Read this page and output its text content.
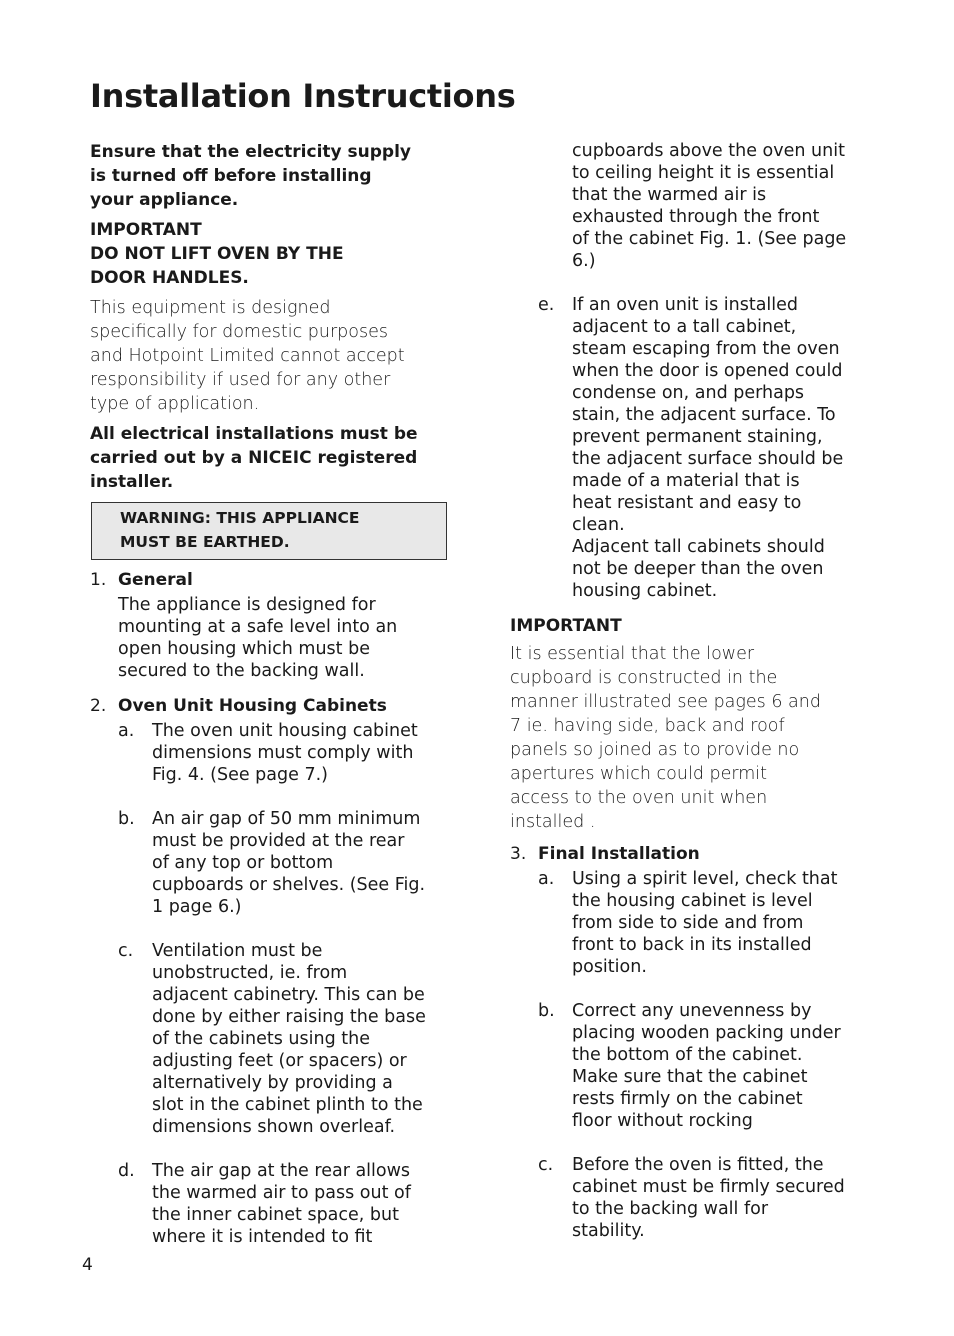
Installation Instructions

Ensure that the electricity supply
is turned off before installing
your appliance.

IMPORTANT
DO NOT LIFT OVEN BY THE
DOOR HANDLES.

This equipment is designed
specifically for domestic purposes
and Hotpoint Limited cannot accept
responsibility if used for any other
type of application.

All electrical installations must be
carried out by a NICEIC registered
installer.

WARNING: THIS APPLIANCE
MUST BE EARTHED.
1. General

The appliance is designed for
mounting at a safe level into an
open housing which must be
secured to the backing wall.

2. Oven Unit Housing Cabinets
a. The oven unit housing cabinet
dimensions must comply with
Fig. 4. (See page 7.)

b. An air gap of 50 mm minimum
must be provided at the rear
of any top or bottom
cupboards or shelves. (See Fig.
1 page 6.)

c. Ventilation must be
unobstructed, ie. from
adjacent cabinetry. This can be
done by either raising the base
of the cabinets using the
adjusting feet (or spacers) or
alternatively by providing a
slot in the cabinet plinth to the
dimensions shown overleaf.

d. The air gap at the rear allows
the warmed air to pass out of
the inner cabinet space, but
where it is intended to fit

cupboards above the oven unit
to ceiling height it is essential
that the warmed air is
exhausted through the front
of the cabinet Fig. 1. (See page
6.)

e. If an oven unit is installed
adjacent to a tall cabinet,
steam escaping from the oven
when the door is opened could
condense on, and perhaps
stain, the adjacent surface. To
prevent permanent staining,
the adjacent surface should be
made of a material that is
heat resistant and easy to
clean.
Adjacent tall cabinets should
not be deeper than the oven
housing cabinet.

IMPORTANT

It is essential that the lower
cupboard is constructed in the
manner illustrated see pages 6 and
7 ie. having side, back and roof
panels so joined as to provide no
apertures which could permit
access to the oven unit when
installed .

3. Final Installation
a. Using a spirit level, check that
the housing cabinet is level
from side to side and from
front to back in its installed
position.

b. Correct any unevenness by
placing wooden packing under
the bottom of the cabinet.
Make sure that the cabinet
rests firmly on the cabinet
floor without rocking

c. Before the oven is fitted, the
cabinet must be firmly secured
to the backing wall for
stability.

4
